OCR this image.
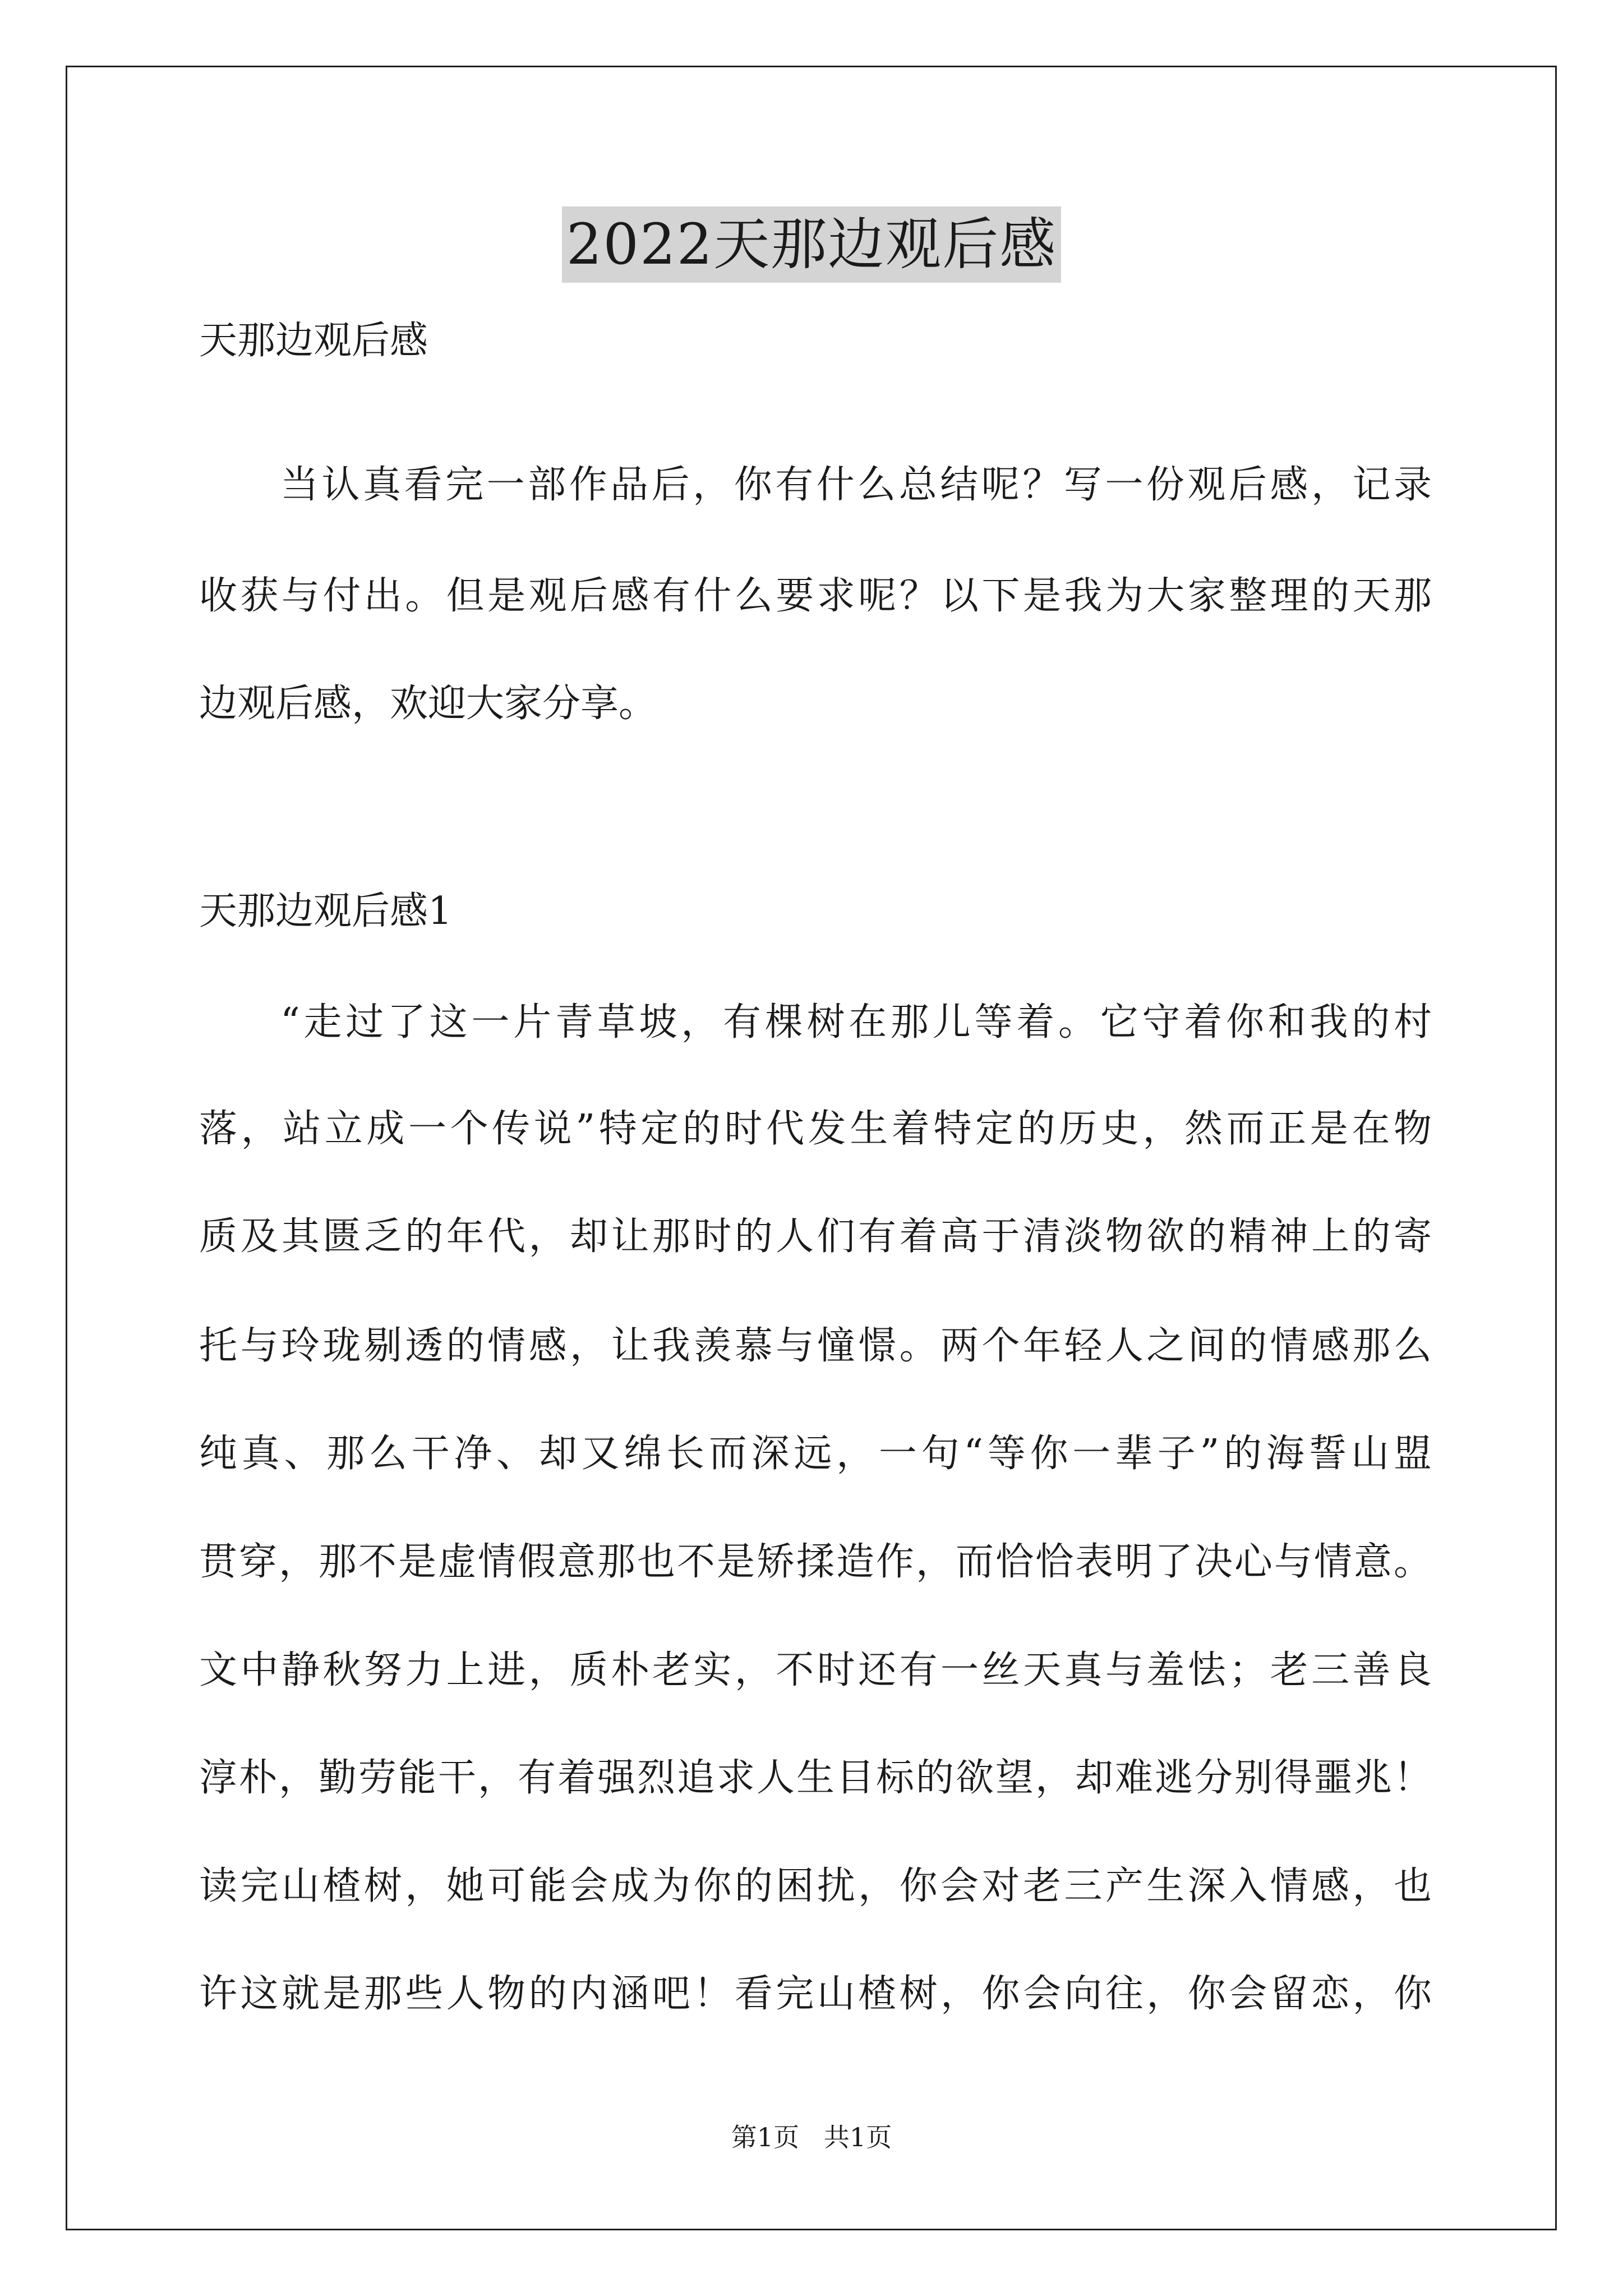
2022天那边观后感
天那边观后感
当认真看完一部作品后，你有什么总结呢？写一份观后感，记录
收获与付出。但是观后感有什么要求呢？以下是我为大家整理的天那
边观后感，欢迎大家分享。
天那边观后感1
“走过了这一片青草坡，有棵树在那儿等着。它守着你和我的村
落，站立成一个传说”特定的时代发生着特定的历史，然而正是在物
质及其匮乏的年代，却让那时的人们有着高于清淡物欲的精神上的寄
托与玲珑剔透的情感，让我羡慕与憧憬。两个年轻人之间的情感那么
纯真、那么干净、却又绵长而深远，一句“等你一辈子”的海誓山盟
贯穿，那不是虚情假意那也不是矫揉造作，而恰恰表明了决心与情意。
文中静秋努力上进，质朴老实，不时还有一丝天真与羞怯；老三善良
淳朴，勤劳能干，有着强烈追求人生目标的欲望，却难逃分别得噩兆！
读完山楂树，她可能会成为你的困扰，你会对老三产生深入情感，也
许这就是那些人物的内涵吧！看完山楂树，你会向往，你会留恋，你
第1页   共1页
